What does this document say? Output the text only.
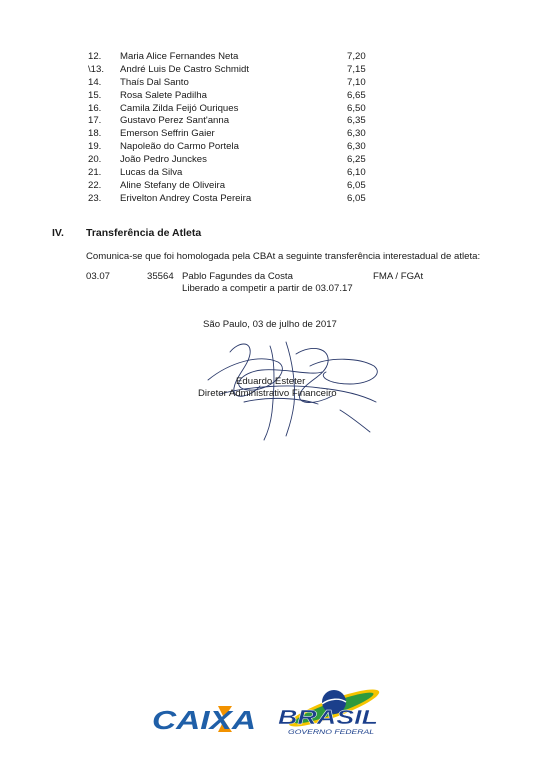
12. Maria Alice Fernandes Neta	7,20
\13. André Luis De Castro Schmidt	7,15
14. Thaís Dal Santo	7,10
15. Rosa Salete Padilha	6,65
16. Camila Zilda Feijó Ouriques	6,50
17. Gustavo Perez Sant'anna	6,35
18. Emerson Seffrin Gaier	6,30
19. Napoleão do Carmo Portela	6,30
20. João Pedro Junckes	6,25
21. Lucas da Silva	6,10
22. Aline Stefany de Oliveira	6,05
23. Erivelton Andrey Costa Pereira	6,05
IV. Transferência de Atleta
Comunica-se que foi homologada pela CBAt a seguinte transferência interestadual de atleta:
03.07	35564 Pablo Fagundes da Costa	FMA / FGAt
Liberado a competir a partir de 03.07.17
São Paulo, 03 de julho de 2017
Eduardo Esteter
Diretor Administrativo Financeiro
CAIXA BRASIL
GOVERNO FEDERAL
